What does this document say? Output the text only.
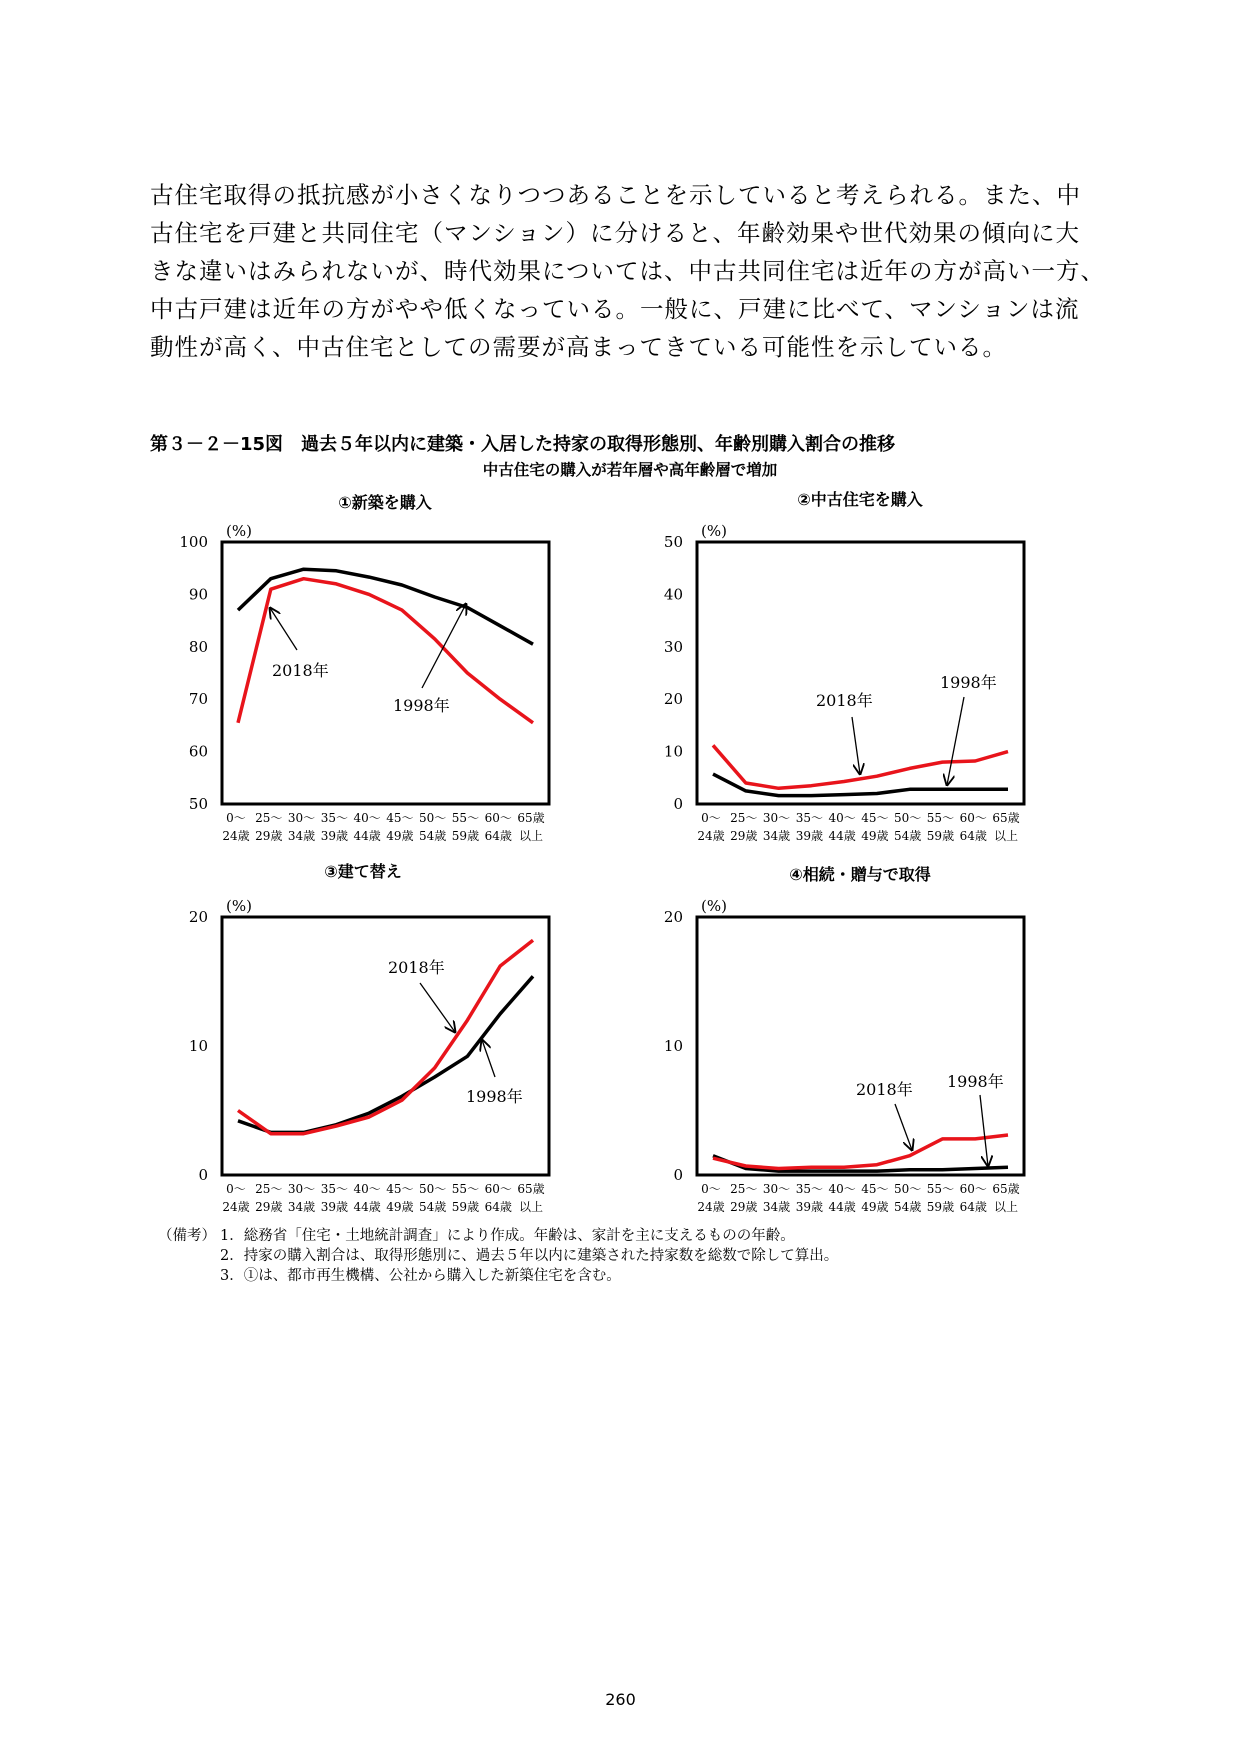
古住宅取得の抵抗感が小さくなりつつあることを示していると考えられる。また、中

古住宅を戸建と共同住宅（マンション）に分けると、年齢効果や世代効果の傾向に大

きな違いはみられないが、時代効果については、中古共同住宅は近年の方が高い一方、

中古戸建は近年の方がやや低くなっている。一般に、戸建に比べて、マンションは流

動性が高く、中古住宅としての需要が高まってきている可能性を示している。

第３－２－15図　過去５年以内に建築・入居した持家の取得形態別、年齢別購入割合の推移
中古住宅の購入が若年層や高年齢層で増加
①新築を購入
(%)
50
60
70
80
90
100
0～ 25～ 30～ 35～ 40～ 45～ 50～ 55～ 60～ 65歳
24歳 29歳 34歳 39歳 44歳 49歳 54歳 59歳 64歳 以上
2018年
1998年
②中古住宅を購入
(%)
0
10
20
30
40
50
0～ 25～ 30～ 35～ 40～ 45～ 50～ 55～ 60～ 65歳
24歳 29歳 34歳 39歳 44歳 49歳 54歳 59歳 64歳 以上
2018年
1998年
③建て替え
(%)
0
10
20
0～ 25～ 30～ 35～ 40～ 45～ 50～ 55～ 60～ 65歳
24歳 29歳 34歳 39歳 44歳 49歳 54歳 59歳 64歳 以上
2018年
1998年
④相続・贈与で取得
(%)
0
10
20
0～ 25～ 30～ 35～ 40～ 45～ 50～ 55～ 60～ 65歳
24歳 29歳 34歳 39歳 44歳 49歳 54歳 59歳 64歳 以上
2018年 1998年
（備考） 1．総務省「住宅・土地統計調査」により作成。年齢は、家計を主に支えるものの年齢。
2．持家の購入割合は、取得形態別に、過去５年以内に建築された持家数を総数で除して算出。
3．①は、都市再生機構、公社から購入した新築住宅を含む。
260
